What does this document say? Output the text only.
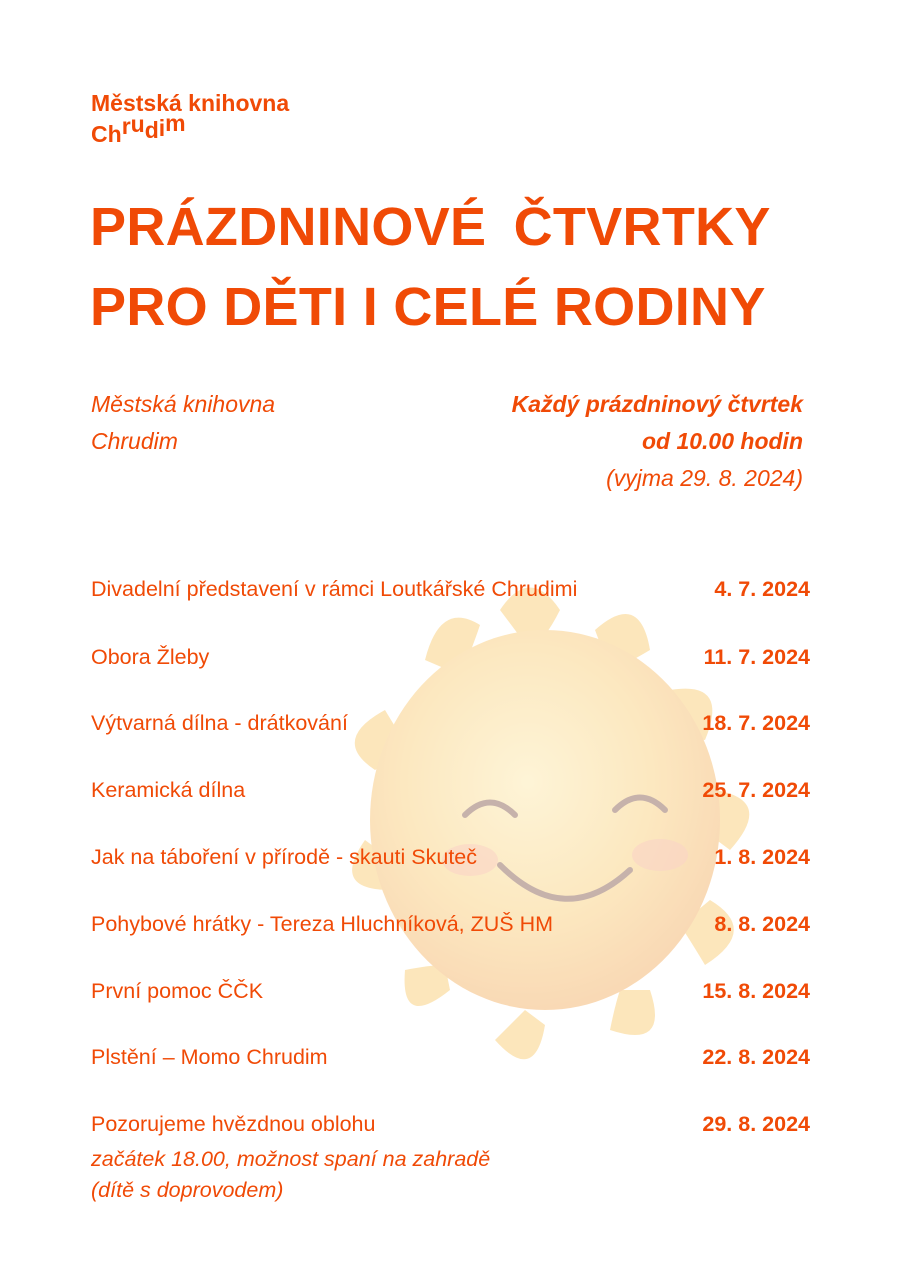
Městská knihovna
Chrudim
PRÁZDNINOVÉ ČTVRTKY
PRO DĚTI I CELÉ RODINY
Městská knihovna
Chrudim
Každý prázdninový čtvrtek
od 10.00 hodin
(vyjma 29. 8. 2024)
Divadelní představení v rámci Loutkářské Chrudimi	4. 7. 2024
Obora Žleby	11. 7. 2024
Výtvarná dílna - drátkování	18. 7. 2024
Keramická dílna	25. 7. 2024
Jak na táboření v přírodě - skauti Skuteč	1. 8. 2024
Pohybové hrátky - Tereza Hluchníková, ZUŠ HM	8. 8. 2024
První pomoc ČČK	15. 8. 2024
Plstění – Momo Chrudim	22. 8. 2024
Pozorujeme hvězdnou oblohu	29. 8. 2024
začátek 18.00, možnost spaní na zahradě
(dítě s doprovodem)
